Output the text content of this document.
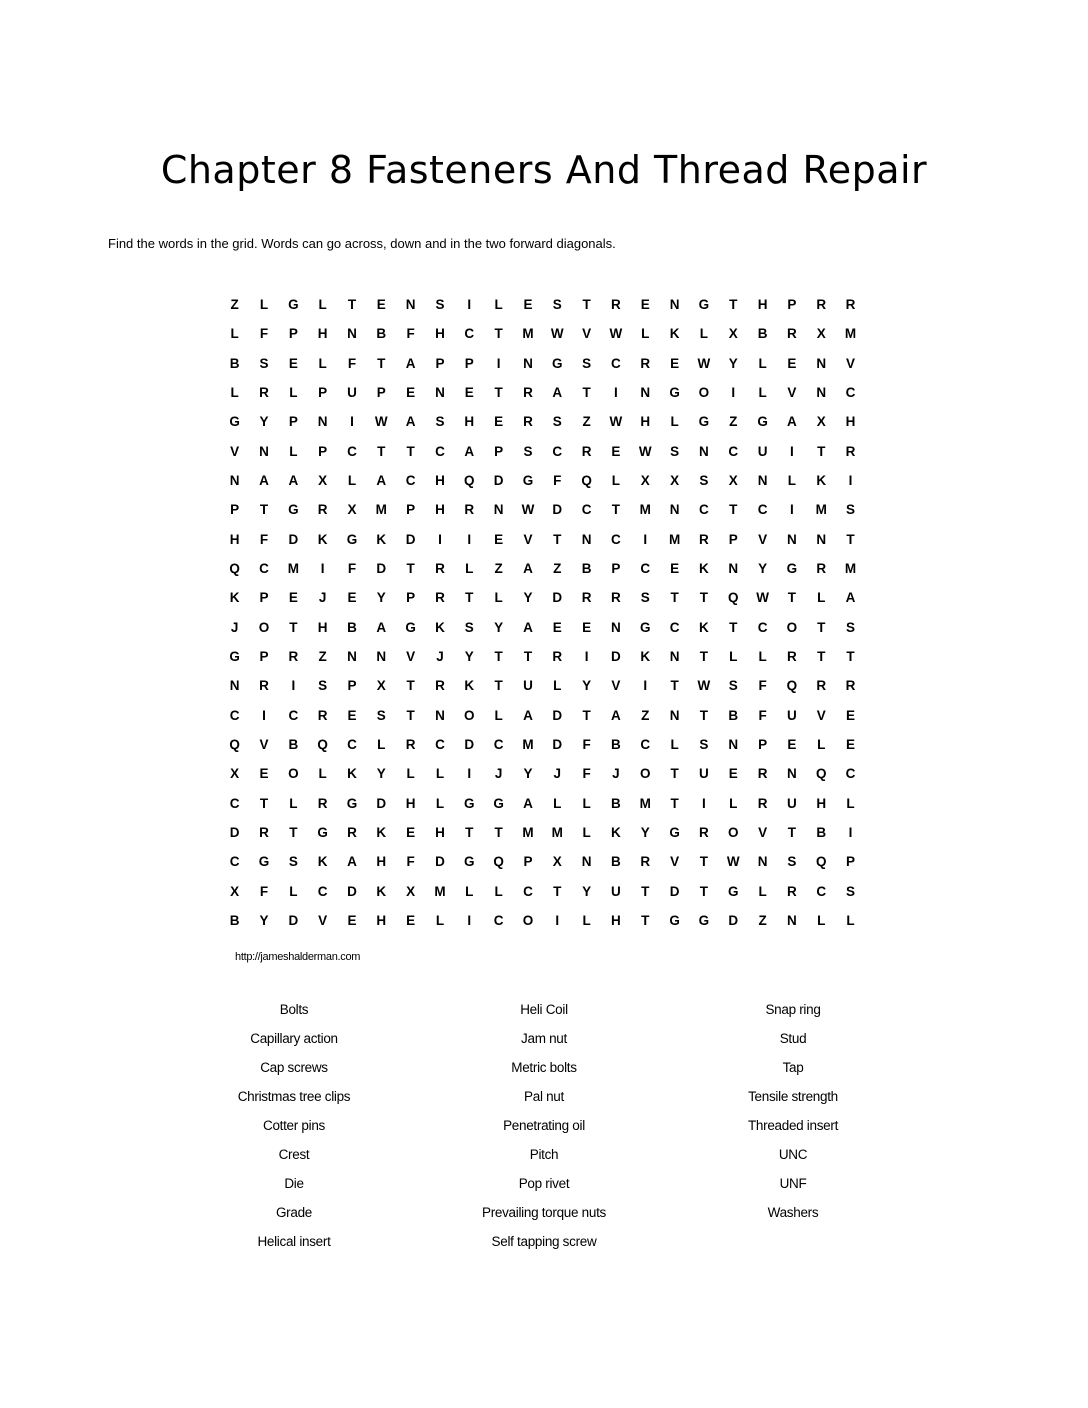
Chapter 8 Fasteners And Thread Repair
Find the words in the grid. Words can go across, down and in the two forward diagonals.
Z	L	G	L	T	E	N	S	I	L	E	S	T	R	E	N	G	T	H	P	R	R
L	F	P	H	N	B	F	H	C	T	M	W	V	W	L	K	L	X	B	R	X	M
B	S	E	L	F	T	A	P	P	I	N	G	S	C	R	E	W	Y	L	E	N	V
L	R	L	P	U	P	E	N	E	T	R	A	T	I	N	G	O	I	L	V	N	C
G	Y	P	N	I	W	A	S	H	E	R	S	Z	W	H	L	G	Z	G	A	X	H
V	N	L	P	C	T	T	C	A	P	S	C	R	E	W	S	N	C	U	I	T	R
N	A	A	X	L	A	C	H	Q	D	G	F	Q	L	X	X	S	X	N	L	K	I
P	T	G	R	X	M	P	H	R	N	W	D	C	T	M	N	C	T	C	I	M	S
H	F	D	K	G	K	D	I	I	E	V	T	N	C	I	M	R	P	V	N	N	T
Q	C	M	I	F	D	T	R	L	Z	A	Z	B	P	C	E	K	N	Y	G	R	M
K	P	E	J	E	Y	P	R	T	L	Y	D	R	R	S	T	T	Q	W	T	L	A
J	O	T	H	B	A	G	K	S	Y	A	E	E	N	G	C	K	T	C	O	T	S
G	P	R	Z	N	N	V	J	Y	T	T	R	I	D	K	N	T	L	L	R	T	T
N	R	I	S	P	X	T	R	K	T	U	L	Y	V	I	T	W	S	F	Q	R	R
C	I	C	R	E	S	T	N	O	L	A	D	T	A	Z	N	T	B	F	U	V	E
Q	V	B	Q	C	L	R	C	D	C	M	D	F	B	C	L	S	N	P	E	L	E
X	E	O	L	K	Y	L	L	I	J	Y	J	F	J	O	T	U	E	R	N	Q	C
C	T	L	R	G	D	H	L	G	G	A	L	L	B	M	T	I	L	R	U	H	L
D	R	T	G	R	K	E	H	T	T	M	M	L	K	Y	G	R	O	V	T	B	I
C	G	S	K	A	H	F	D	G	Q	P	X	N	B	R	V	T	W	N	S	Q	P
X	F	L	C	D	K	X	M	L	L	C	T	Y	U	T	D	T	G	L	R	C	S
B	Y	D	V	E	H	E	L	I	C	O	I	L	H	T	G	G	D	Z	N	L	L
http://jameshalderman.com
Bolts
Capillary action
Cap screws
Christmas tree clips
Cotter pins
Crest
Die
Grade
Helical insert
Heli Coil
Jam nut
Metric bolts
Pal nut
Penetrating oil
Pitch
Pop rivet
Prevailing torque nuts
Self tapping screw
Snap ring
Stud
Tap
Tensile strength
Threaded insert
UNC
UNF
Washers
